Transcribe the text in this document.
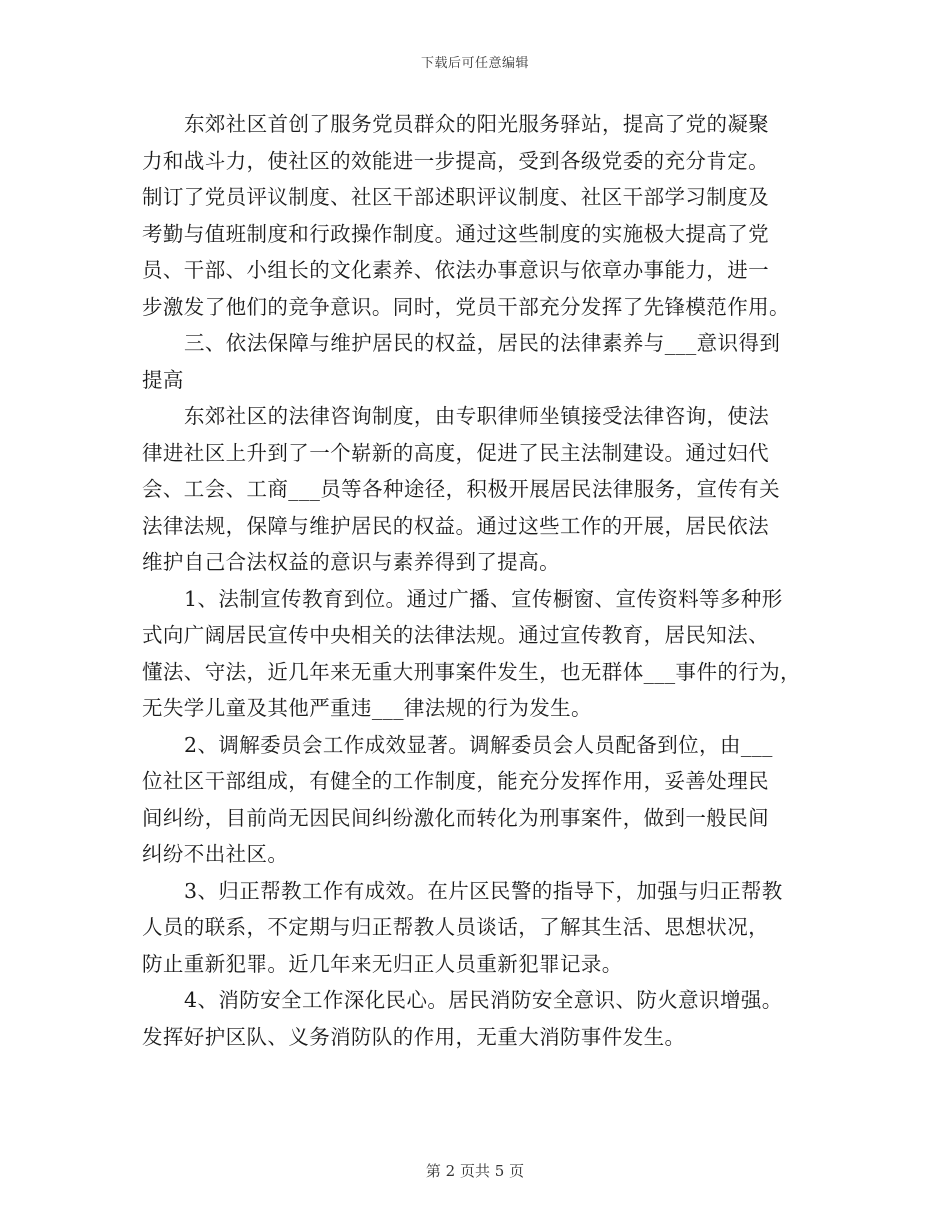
下载后可任意编辑

东郊社区首创了服务党员群众的阳光服务驿站，提高了党的凝聚
力和战斗力，使社区的效能进一步提高，受到各级党委的充分肯定。
制订了党员评议制度、社区干部述职评议制度、社区干部学习制度及
考勤与值班制度和行政操作制度。通过这些制度的实施极大提高了党
员、干部、小组长的文化素养、依法办事意识与依章办事能力，进一
步激发了他们的竞争意识。同时，党员干部充分发挥了先锋模范作用。

三、依法保障与维护居民的权益，居民的法律素养与___意识得到
提高

东郊社区的法律咨询制度，由专职律师坐镇接受法律咨询，使法
律进社区上升到了一个崭新的高度，促进了民主法制建设。通过妇代
会、工会、工商___员等各种途径，积极开展居民法律服务，宣传有关
法律法规，保障与维护居民的权益。通过这些工作的开展，居民依法
维护自己合法权益的意识与素养得到了提高。

1、法制宣传教育到位。通过广播、宣传橱窗、宣传资料等多种形
式向广阔居民宣传中央相关的法律法规。通过宣传教育，居民知法、
懂法、守法，近几年来无重大刑事案件发生，也无群体___事件的行为，
无失学儿童及其他严重违___律法规的行为发生。

2、调解委员会工作成效显著。调解委员会人员配备到位，由___
位社区干部组成，有健全的工作制度，能充分发挥作用，妥善处理民
间纠纷，目前尚无因民间纠纷激化而转化为刑事案件，做到一般民间
纠纷不出社区。

3、归正帮教工作有成效。在片区民警的指导下，加强与归正帮教
人员的联系，不定期与归正帮教人员谈话，了解其生活、思想状况，
防止重新犯罪。近几年来无归正人员重新犯罪记录。

4、消防安全工作深化民心。居民消防安全意识、防火意识增强。
发挥好护区队、义务消防队的作用，无重大消防事件发生。

第 2 页共 5 页
